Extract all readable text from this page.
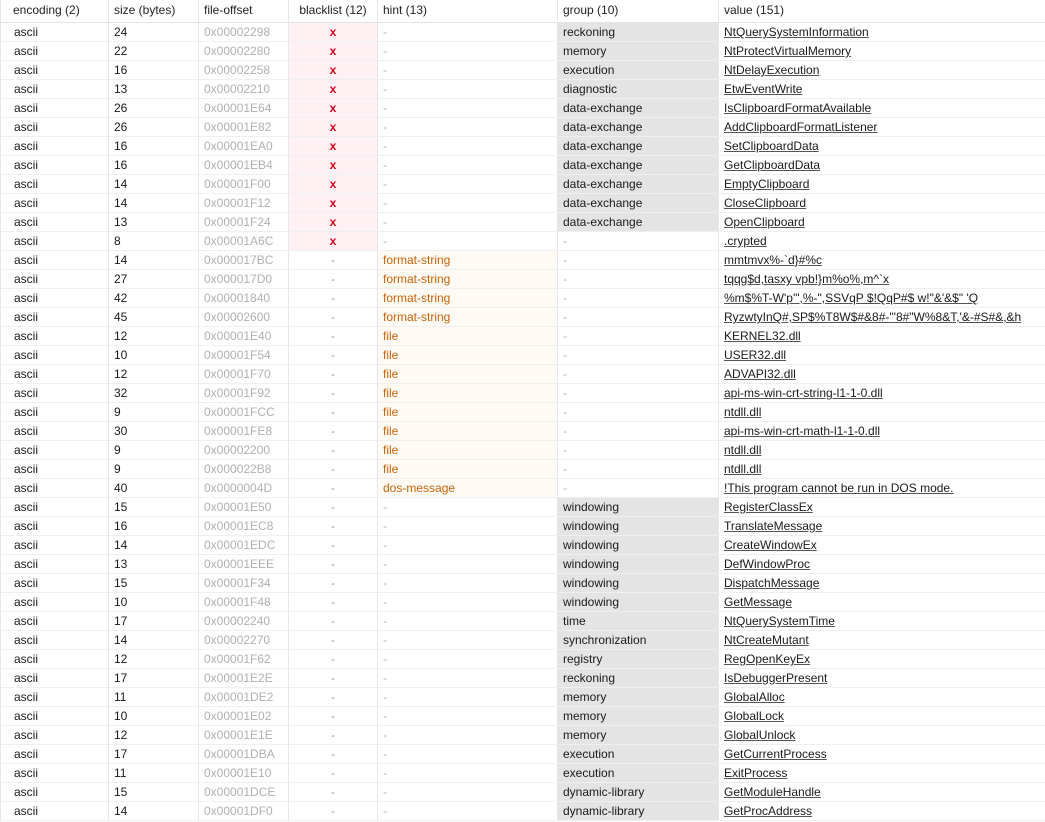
encoding (2)	size (bytes)	file-offset	blacklist (12)	hint (13)	group (10)	value (151)
ascii	24	0x00002298	x	-	reckoning	NtQuerySystemInformation
ascii	22	0x00002280	x	-	memory	NtProtectVirtualMemory
ascii	16	0x00002258	x	-	execution	NtDelayExecution
ascii	13	0x00002210	x	-	diagnostic	EtwEventWrite
ascii	26	0x00001E64	x	-	data-exchange	IsClipboardFormatAvailable
ascii	26	0x00001E82	x	-	data-exchange	AddClipboardFormatListener
ascii	16	0x00001EA0	x	-	data-exchange	SetClipboardData
ascii	16	0x00001EB4	x	-	data-exchange	GetClipboardData
ascii	14	0x00001F00	x	-	data-exchange	EmptyClipboard
ascii	14	0x00001F12	x	-	data-exchange	CloseClipboard
ascii	13	0x00001F24	x	-	data-exchange	OpenClipboard
ascii	8	0x00001A6C	x	-	-	.crypted
ascii	14	0x000017BC	-	format-string	-	mmtmvx%-`d}#%c
ascii	27	0x000017D0	-	format-string	-	tqqg$d,tasxy vpb!}m%o%,m^`x
ascii	42	0x00001840	-	format-string	-	%m$%T-W'p'",%-",SSVqP $!QqP#$ w!"&'&$" 'Q
ascii	45	0x00002600	-	format-string	-	RyzwtyInQ#,SP$%T8W$#&8#-'"8#"W%8&T,'&-#S#&,&h
ascii	12	0x00001E40	-	file	-	KERNEL32.dll
ascii	10	0x00001F54	-	file	-	USER32.dll
ascii	12	0x00001F70	-	file	-	ADVAPI32.dll
ascii	32	0x00001F92	-	file	-	api-ms-win-crt-string-l1-1-0.dll
ascii	9	0x00001FCC	-	file	-	ntdll.dll
ascii	30	0x00001FE8	-	file	-	api-ms-win-crt-math-l1-1-0.dll
ascii	9	0x00002200	-	file	-	ntdll.dll
ascii	9	0x000022B8	-	file	-	ntdll.dll
ascii	40	0x0000004D	-	dos-message	-	!This program cannot be run in DOS mode.
ascii	15	0x00001E50	-	-	windowing	RegisterClassEx
ascii	16	0x00001EC8	-	-	windowing	TranslateMessage
ascii	14	0x00001EDC	-	-	windowing	CreateWindowEx
ascii	13	0x00001EEE	-	-	windowing	DefWindowProc
ascii	15	0x00001F34	-	-	windowing	DispatchMessage
ascii	10	0x00001F48	-	-	windowing	GetMessage
ascii	17	0x00002240	-	-	time	NtQuerySystemTime
ascii	14	0x00002270	-	-	synchronization	NtCreateMutant
ascii	12	0x00001F62	-	-	registry	RegOpenKeyEx
ascii	17	0x00001E2E	-	-	reckoning	IsDebuggerPresent
ascii	11	0x00001DE2	-	-	memory	GlobalAlloc
ascii	10	0x00001E02	-	-	memory	GlobalLock
ascii	12	0x00001E1E	-	-	memory	GlobalUnlock
ascii	17	0x00001DBA	-	-	execution	GetCurrentProcess
ascii	11	0x00001E10	-	-	execution	ExitProcess
ascii	15	0x00001DCE	-	-	dynamic-library	GetModuleHandle
ascii	14	0x00001DF0	-	-	dynamic-library	GetProcAddress
